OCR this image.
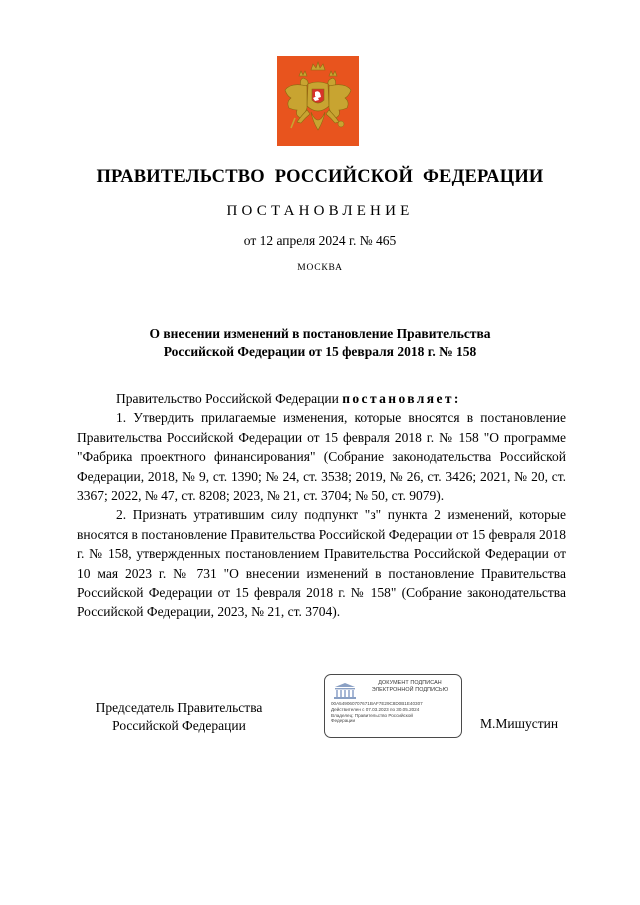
ПРАВИТЕЛЬСТВО РОССИЙСКОЙ ФЕДЕРАЦИИ
ПОСТАНОВЛЕНИЕ
от 12 апреля 2024 г. № 465
МОСКВА
О внесении изменений в постановление Правительства
Российской Федерации от 15 февраля 2018 г. № 158

Правительство Российской Федерации постановляет:

1. Утвердить прилагаемые изменения, которые вносятся в постановление Правительства Российской Федерации от 15 февраля 2018 г. № 158 "О программе "Фабрика проектного финансирования" (Собрание законодательства Российской Федерации, 2018, № 9, ст. 1390; № 24, ст. 3538; 2019, № 26, ст. 3426; 2021, № 20, ст. 3367; 2022, № 47, ст. 8208; 2023, № 21, ст. 3704; № 50, ст. 9079).

2. Признать утратившим силу подпункт "з" пункта 2 изменений, которые вносятся в постановление Правительства Российской Федерации от 15 февраля 2018 г. № 158, утвержденных постановлением Правительства Российской Федерации от 10 мая 2023 г. № 731 "О внесении изменений в постановление Правительства Российской Федерации от 15 февраля 2018 г. № 158" (Собрание законодательства Российской Федерации, 2023, № 21, ст. 3704).

Председатель Правительства
Российской Федерации
ДОКУМЕНТ ПОДПИСАН
ЭЛЕКТРОННОЙ ПОДПИСЬЮ
00A549060707671BAF7E29C8D0B1E40307
Действителен с 07.03.2023 по 30.05.2024
Владелец: Правительство Российской
Федерации	М.Мишустин
